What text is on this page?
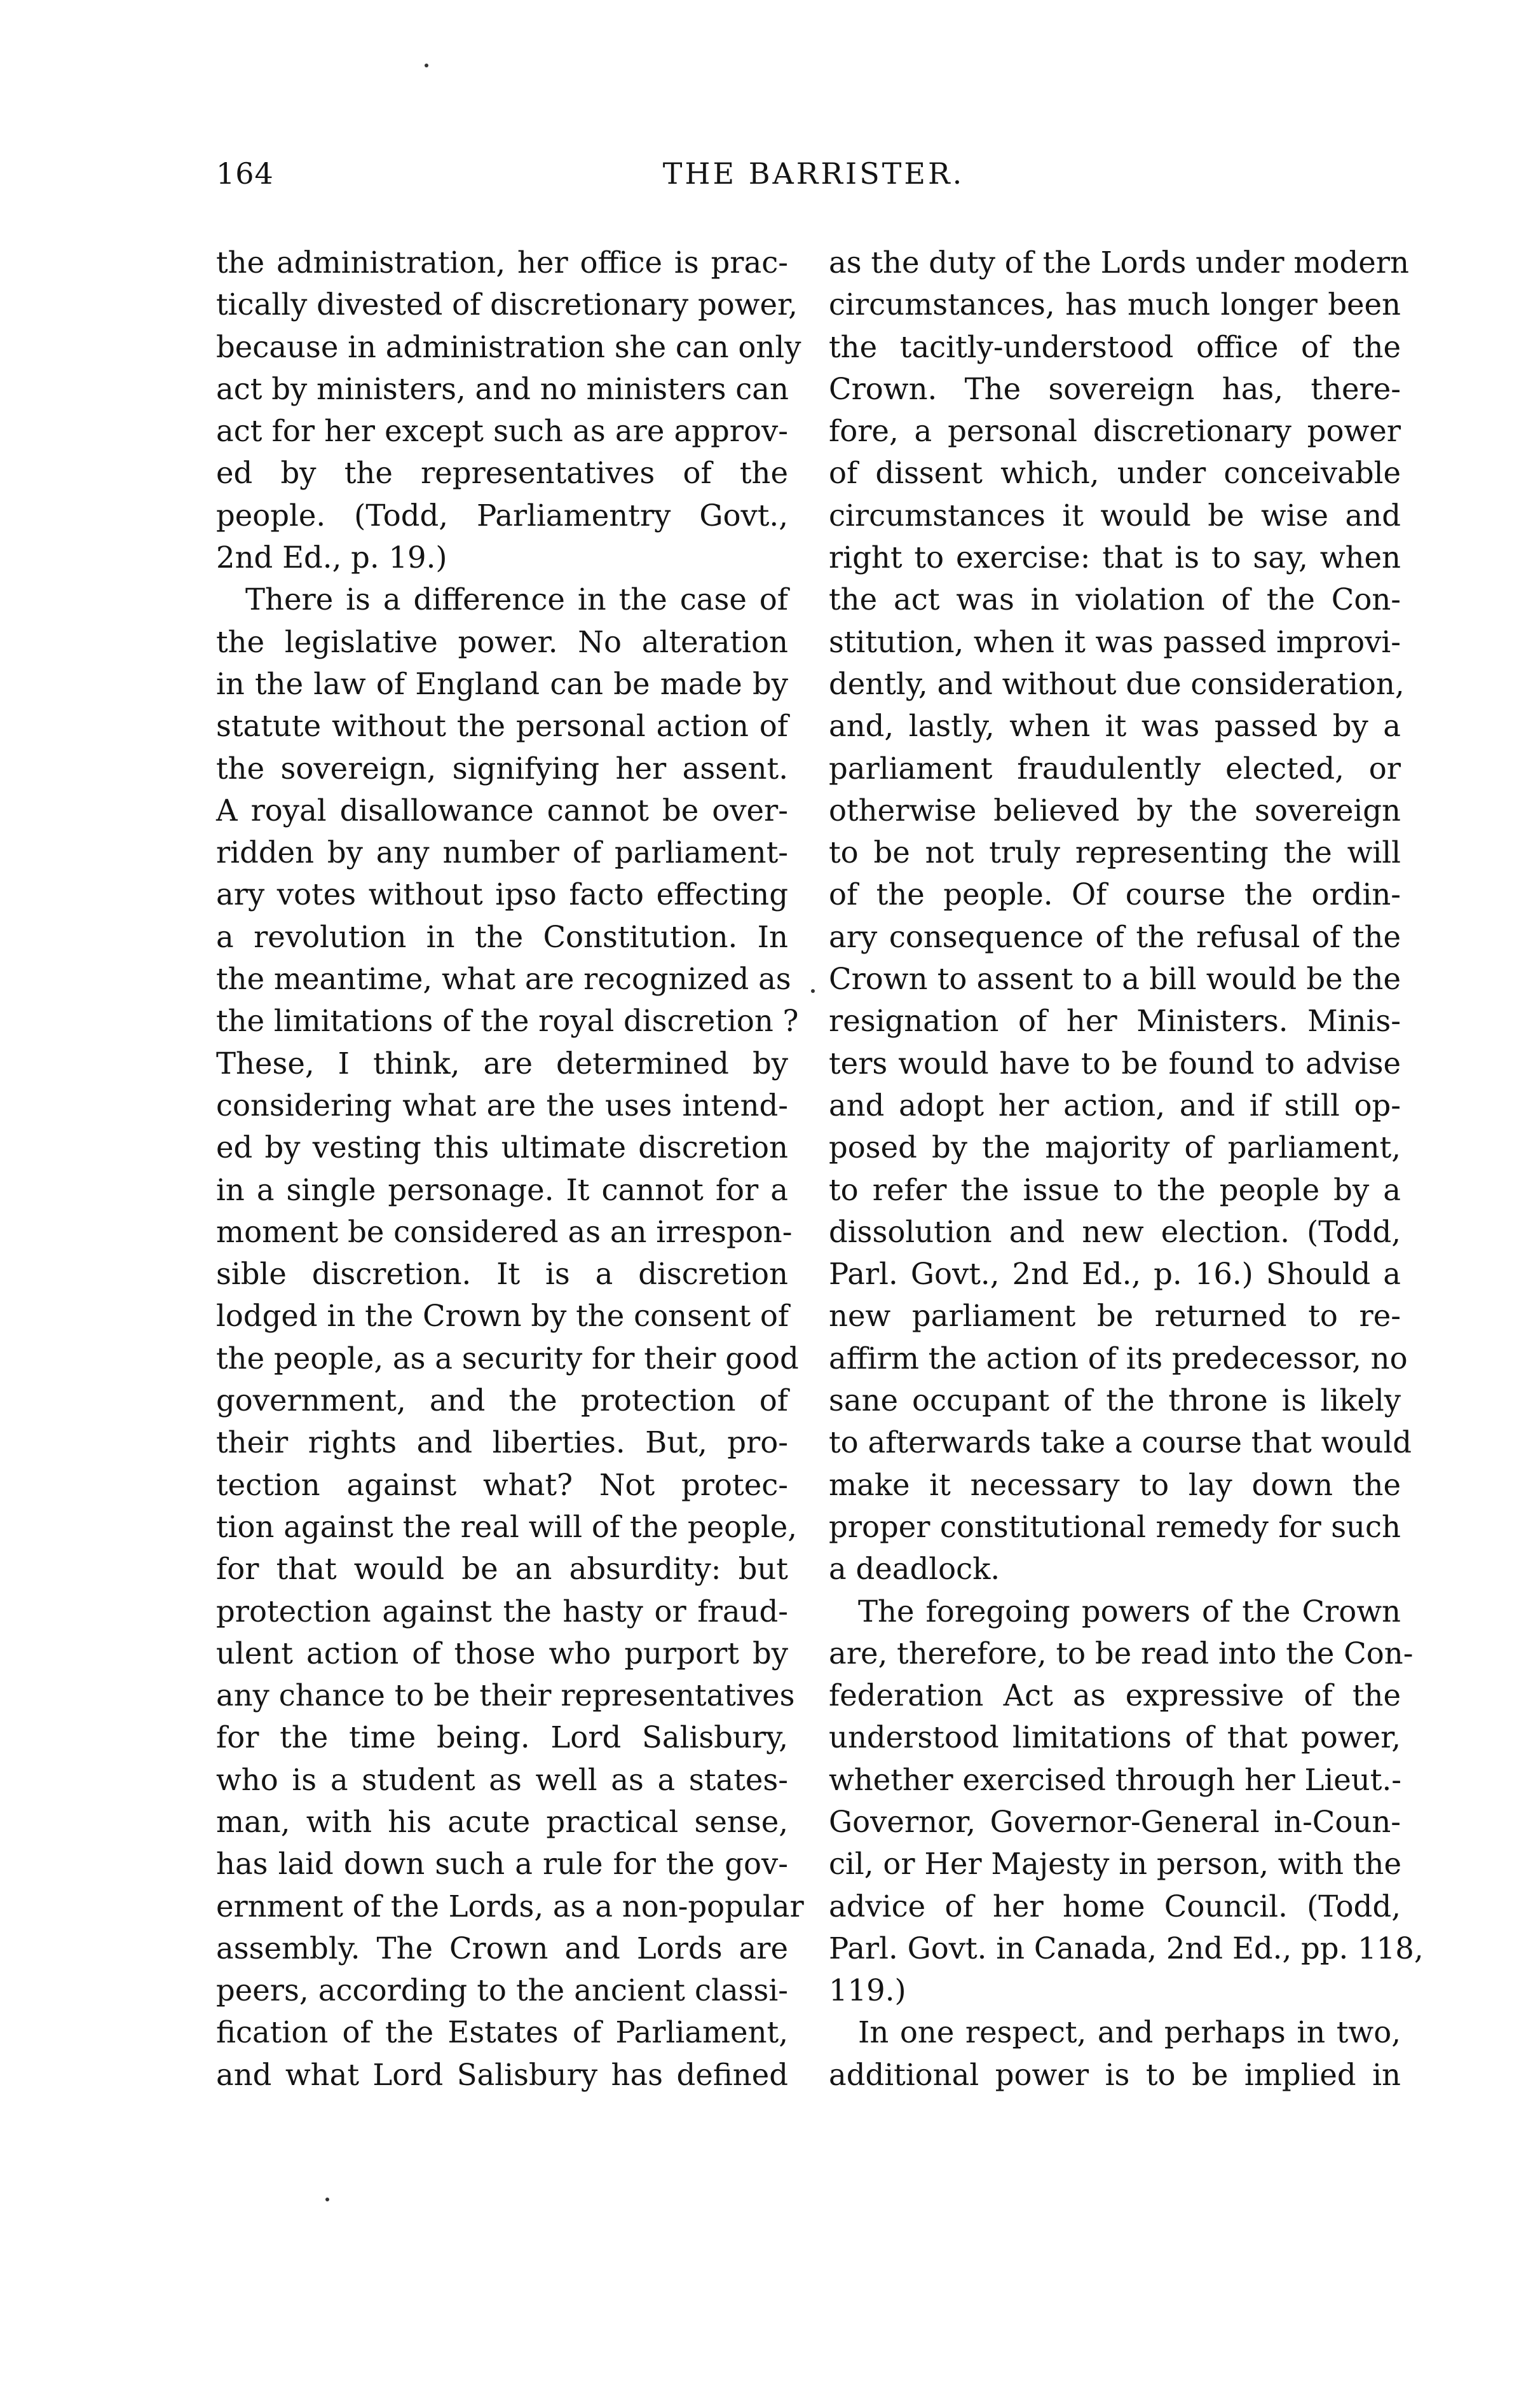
164	THE BARRISTER.
the administration, her office is prac-
tically divested of discretionary power,
because in administration she can only
act by ministers, and no ministers can
act for her except such as are approv-
ed by the representatives of the
people. (Todd, Parliamentry Govt.,
2nd Ed., p. 19.)
There is a difference in the case of
the legislative power. No alteration
in the law of England can be made by
statute without the personal action of
the sovereign, signifying her assent.
A royal disallowance cannot be over-
ridden by any number of parliament-
ary votes without ipso facto effecting
a revolution in the Constitution. In
the meantime, what are recognized as
the limitations of the royal discretion ?
These, I think, are determined by
considering what are the uses intend-
ed by vesting this ultimate discretion
in a single personage. It cannot for a
moment be considered as an irrespon-
sible discretion. It is a discretion
lodged in the Crown by the consent of
the people, as a security for their good
government, and the protection of
their rights and liberties. But, pro-
tection against what? Not protec-
tion against the real will of the people,
for that would be an absurdity: but
protection against the hasty or fraud-
ulent action of those who purport by
any chance to be their representatives
for the time being. Lord Salisbury,
who is a student as well as a states-
man, with his acute practical sense,
has laid down such a rule for the gov-
ernment of the Lords, as a non-popular
assembly. The Crown and Lords are
peers, according to the ancient classi-
fication of the Estates of Parliament,
and what Lord Salisbury has defined
as the duty of the Lords under modern
circumstances, has much longer been
the tacitly-understood office of the
Crown. The sovereign has, there-
fore, a personal discretionary power
of dissent which, under conceivable
circumstances it would be wise and
right to exercise: that is to say, when
the act was in violation of the Con-
stitution, when it was passed improvi-
dently, and without due consideration,
and, lastly, when it was passed by a
parliament fraudulently elected, or
otherwise believed by the sovereign
to be not truly representing the will
of the people. Of course the ordin-
ary consequence of the refusal of the
Crown to assent to a bill would be the
resignation of her Ministers. Minis-
ters would have to be found to advise
and adopt her action, and if still op-
posed by the majority of parliament,
to refer the issue to the people by a
dissolution and new election. (Todd,
Parl. Govt., 2nd Ed., p. 16.) Should a
new parliament be returned to re-
affirm the action of its predecessor, no
sane occupant of the throne is likely
to afterwards take a course that would
make it necessary to lay down the
proper constitutional remedy for such
a deadlock.
The foregoing powers of the Crown
are, therefore, to be read into the Con-
federation Act as expressive of the
understood limitations of that power,
whether exercised through her Lieut.-
Governor, Governor-General in-Coun-
cil, or Her Majesty in person, with the
advice of her home Council. (Todd,
Parl. Govt. in Canada, 2nd Ed., pp. 118,
119.)
In one respect, and perhaps in two,
additional power is to be implied in
